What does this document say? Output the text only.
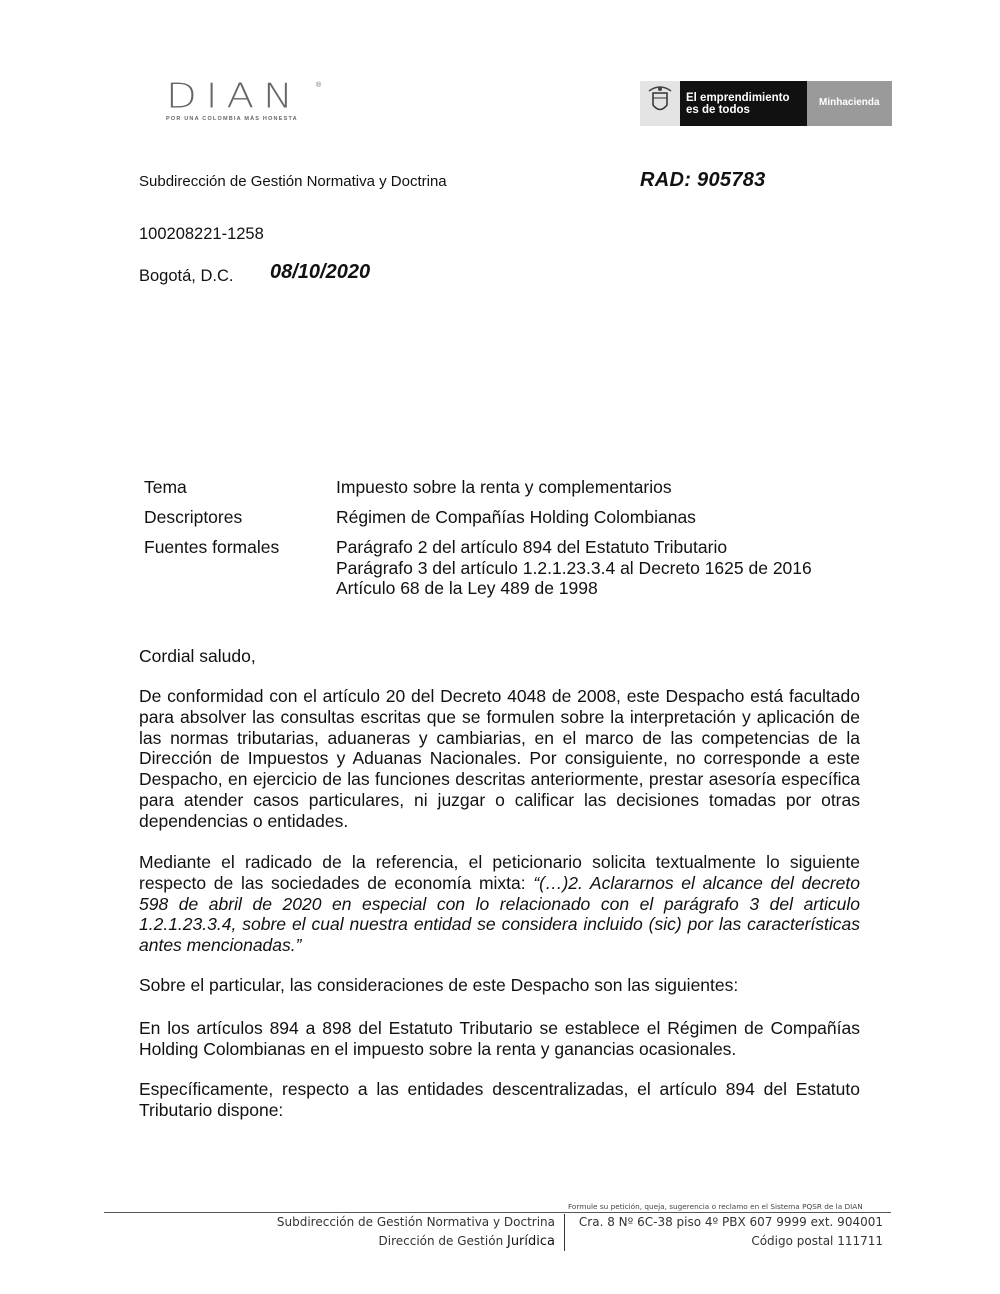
DIAN	®
POR UNA COLOMBIA MÁS HONESTA
El emprendimiento
es de todos
Minhacienda
Subdirección de Gestión Normativa y Doctrina	RAD: 905783
100208221-1258
Bogotá, D.C. 08/10/2020
Tema	Impuesto sobre la renta y complementarios
Descriptores	Régimen de Compañías Holding Colombianas
Fuentes formales	Parágrafo 2 del artículo 894 del Estatuto Tributario
Parágrafo 3 del artículo 1.2.1.23.3.4 al Decreto 1625 de 2016
Artículo 68 de la Ley 489 de 1998
Cordial saludo,
De conformidad con el artículo 20 del Decreto 4048 de 2008, este Despacho está facultado para absolver las consultas escritas que se formulen sobre la interpretación y aplicación de las normas tributarias, aduaneras y cambiarias, en el marco de las competencias de la Dirección de Impuestos y Aduanas Nacionales. Por consiguiente, no corresponde a este Despacho, en ejercicio de las funciones descritas anteriormente, prestar asesoría específica para atender casos particulares, ni juzgar o calificar las decisiones tomadas por otras dependencias o entidades.
Mediante el radicado de la referencia, el peticionario solicita textualmente lo siguiente respecto de las sociedades de economía mixta: “(…)2. Aclararnos el alcance del decreto 598 de abril de 2020 en especial con lo relacionado con el parágrafo 3 del articulo 1.2.1.23.3.4, sobre el cual nuestra entidad se considera incluido (sic) por las características antes mencionadas.”
Sobre el particular, las consideraciones de este Despacho son las siguientes:
En los artículos 894 a 898 del Estatuto Tributario se establece el Régimen de Compañías Holding Colombianas en el impuesto sobre la renta y ganancias ocasionales.
Específicamente, respecto a las entidades descentralizadas, el artículo 894 del Estatuto Tributario dispone:
Formule su petición, queja, sugerencia o reclamo en el Sistema PQSR de la DIAN
Subdirección de Gestión Normativa y Doctrina
Dirección de Gestión Jurídica
Cra. 8 Nº 6C-38 piso 4º PBX 607 9999 ext. 904001
Código postal 111711
